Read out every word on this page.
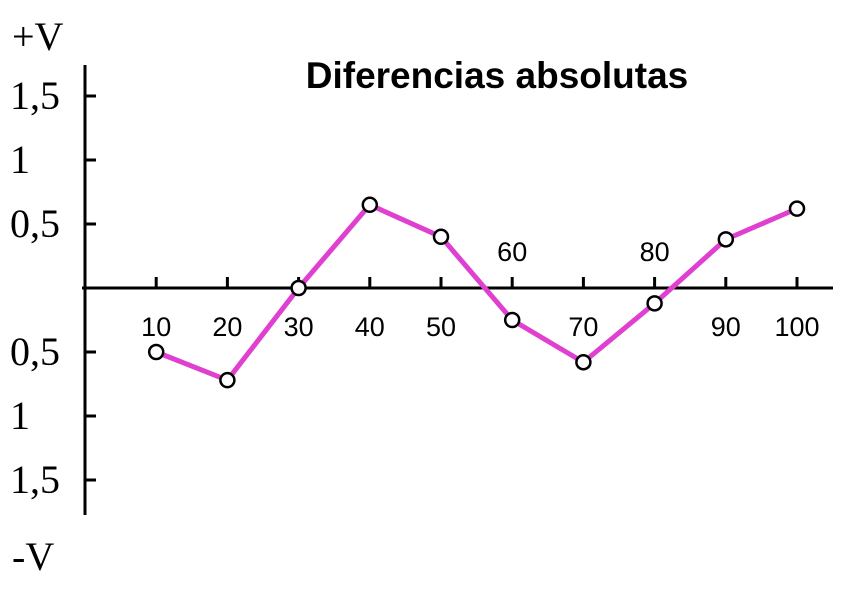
Diferencias absolutas
+V
-V
1,5
1
0,5
0,5
1
1,5
10 20 30 40 50
60
70
80
90 100
